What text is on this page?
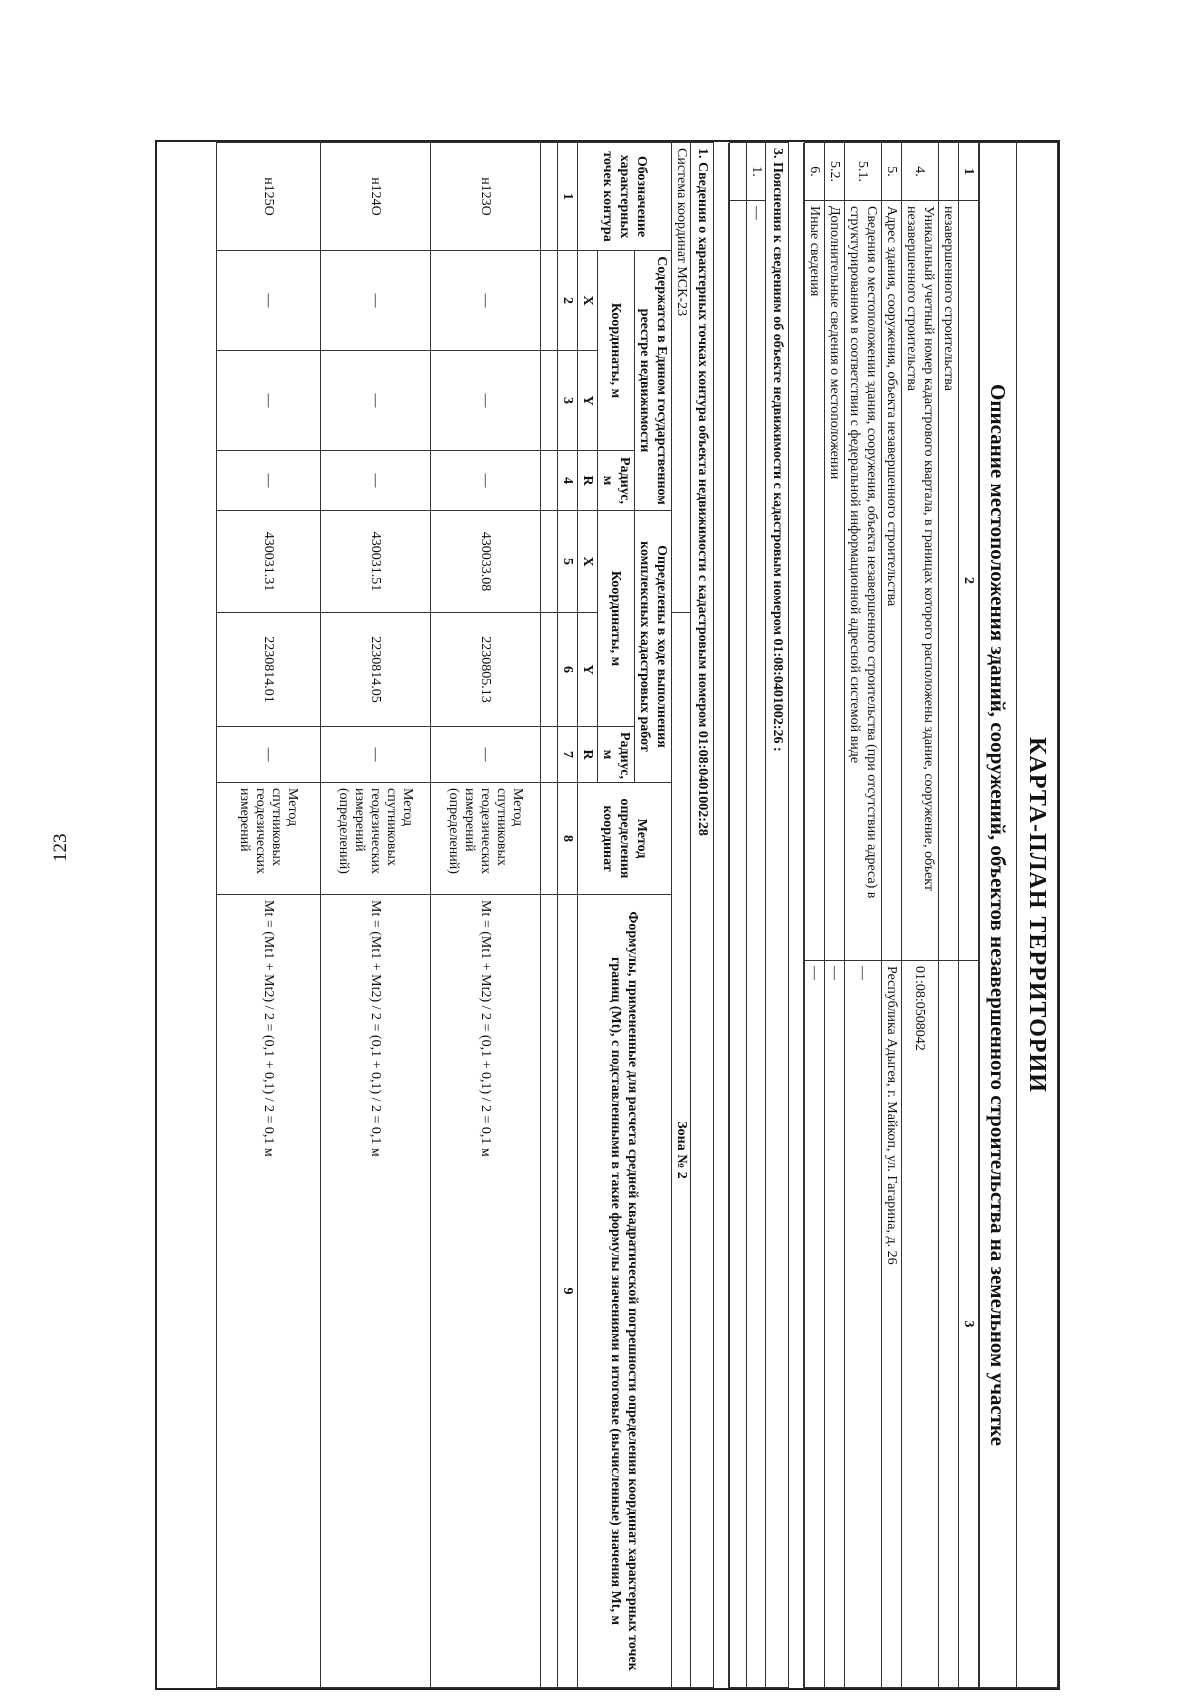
123	КАРТА-ПЛАН ТЕРРИТОРИИ
Описание местоположения зданий, сооружений, объектов незавершенного строительства на земельном участке
1	2	3
	незавершенного строительства	
4.	Уникальный учетный номер кадастрового квартала, в границах которого расположены здание, сооружение, объект незавершенного строительства	01:08:0508042
5.	Адрес здания, сооружения, объекта незавершенного строительства	Республика Адыгея, г. Майкоп, ул. Гагарина, д. 26
5.1.	Сведения о местоположении здания, сооружения, объекта незавершенного строительства (при отсутствии адреса) в структурированном в соответствии с федеральной информационной адресной системой виде	—
5.2.	Дополнительные сведения о местоположении	—
6.	Иные сведения	—

3. Пояснения к сведениям об объекте недвижимости с кадастровым номером 01:08:0401002:26 :	
1.	—

1. Сведения о характерных точках контура объекта недвижимости с кадастровым номером 01:08:0401002:28								
Система координат МСК-23					Зона № 2			
Обозначение характерных точек контура	Содержатся в Едином государственном реестре недвижимости			Определены в ходе выполнения комплексных кадастровых работ			Метод определения координат	Формулы, примененные для расчета средней квадратической погрешности определения координат характерных точек границ (Mt), с подставленными в такие формулы значениями и итоговые (вычисленные) значения Mt, м
	Координаты, м		Радиус, м	Координаты, м		Радиус, м		
	X	Y	R	X	Y	R		
1	2	3	4	5	6	7	8	9

н123О	—	—	—	430033.08	2230805.13	—	Метод спутниковых геодезических измерений (определений)	Mt = (Mt1 + Mt2) / 2 = (0,1 + 0,1) / 2 = 0,1 м
н124О	—	—	—	430031.51	2230814.05	—	Метод спутниковых геодезических измерений (определений)	Mt = (Mt1 + Mt2) / 2 = (0,1 + 0,1) / 2 = 0,1 м
н125О	—	—	—	430031.31	2230814.01	—	Метод спутниковых геодезических измерений	Mt = (Mt1 + Mt2) / 2 = (0,1 + 0,1) / 2 = 0,1 м
